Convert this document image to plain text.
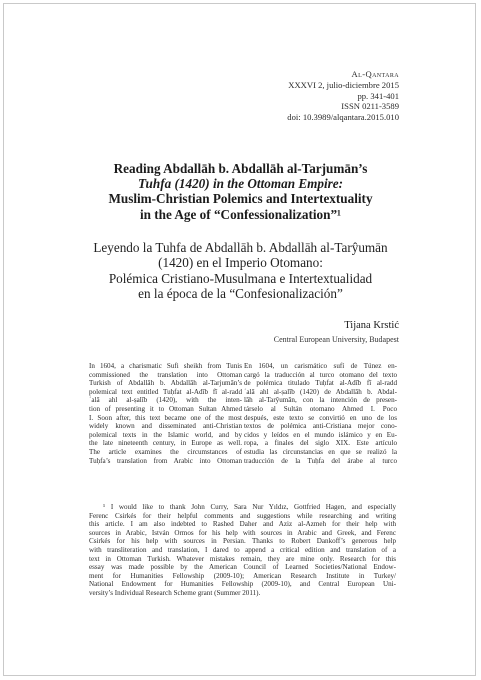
Al-Qantara
XXXVI 2, julio-diciembre 2015
pp. 341-401
ISSN 0211-3589
doi: 10.3989/alqantara.2015.010
Reading Abdallāh b. Abdallāh al-Tarjumān’s
Tuhfa (1420) in the Ottoman Empire:
Muslim-Christian Polemics and Intertextuality
in the Age of “Confessionalization”¹
Leyendo la Tuhfa de Abdallāh b. Abdallāh al-Tarŷumān
(1420) en el Imperio Otomano:
Polémica Cristiano-Musulmana e Intertextualidad
en la época de la “Confesionalización”
Tijana Krstić
Central European University, Budapest
In 1604, a charismatic Sufi sheikh from Tunis
commissioned the translation into Ottoman
Turkish of Abdallāh b. Abdallāh al-Tarjumān’s
polemical text entitled Tuḥfat al-Adīb fī al-radd
ʿalā ahl al-ṣalīb (1420), with the inten-
tion of presenting it to Ottoman Sultan Ahmed
I. Soon after, this text became one of the most
widely known and disseminated anti-Christian
polemical texts in the Islamic world, and by
the late nineteenth century, in Europe as well.
The article examines the circumstances of
Tuḥfa’s translation from Arabic into Ottoman
En 1604, un carismático sufí de Túnez en-
cargó la traducción al turco otomano del texto
de polémica titulado Tuḥfat al-Adīb fī al-radd
ʿalā ahl al-ṣalīb (1420) de Abdallāh b. Abdal-
lāh al-Tarŷumān, con la intención de presen-
társelo al Sultán otomano Ahmed I. Poco
después, este texto se convirtió en uno de los
textos de polémica anti-Cristiana mejor cono-
cidos y leídos en el mundo islámico y en Eu-
ropa, a finales del siglo XIX. Este artículo
estudia las circunstancias en que se realizó la
traducción de la Tuḥfa del árabe al turco
¹ I would like to thank John Curry, Sara Nur Yıldız, Gottfried Hagen, and especially
Ferenc Csirkés for their helpful comments and suggestions while researching and writing
this article. I am also indebted to Rashed Daher and Aziz al-Azmeh for their help with
sources in Arabic, István Ormos for his help with sources in Arabic and Greek, and Ferenc
Csirkés for his help with sources in Persian. Thanks to Robert Dankoff’s generous help
with transliteration and translation, I dared to append a critical edition and translation of a
text in Ottoman Turkish. Whatever mistakes remain, they are mine only. Research for this
essay was made possible by the American Council of Learned Societies/National Endow-
ment for Humanities Fellowship (2009-10); American Research Institute in Turkey/
National Endowment for Humanities Fellowship (2009-10), and Central European Uni-
versity’s Individual Research Scheme grant (Summer 2011).
